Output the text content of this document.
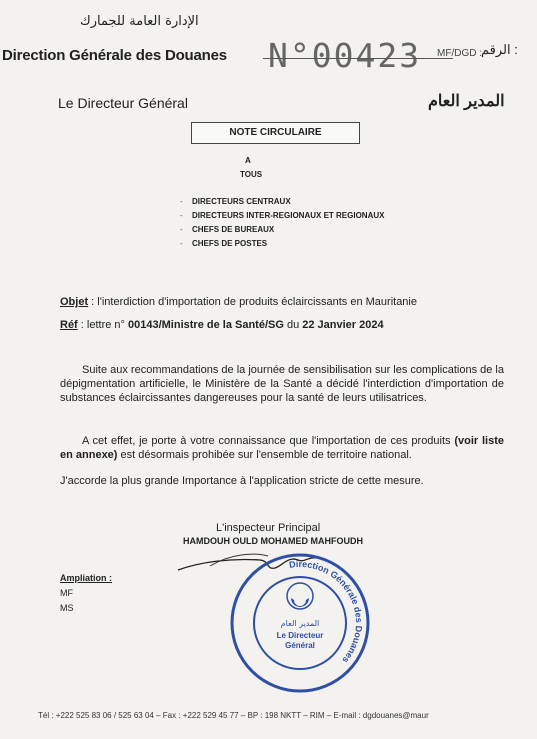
الإدارة العامة للجمارك
Direction Générale des Douanes N°00423 MF/DGD : الرقم :
Le Directeur Général	المدير العام
NOTE CIRCULAIRE
A
TOUS
- DIRECTEURS CENTRAUX
- DIRECTEURS INTER-REGIONAUX ET REGIONAUX
- CHEFS DE BUREAUX
- CHEFS DE POSTES
Objet : l'interdiction d'importation de produits éclaircissants en Mauritanie
Réf : lettre n° 00143/Ministre de la Santé/SG du 22 Janvier 2024
Suite aux recommandations de la journée de sensibilisation sur les complications de la dépigmentation artificielle, le Ministère de la Santé a décidé l'interdiction d'importation de substances éclaircissantes dangereuses pour la santé de leurs utilisatrices.
A cet effet, je porte à votre connaissance que l'importation de ces produits (voir liste en annexe) est désormais prohibée sur l'ensemble de territoire national.
J'accorde la plus grande Importance à l'application stricte de cette mesure.
L'inspecteur Principal
HAMDOUH OULD MOHAMED MAHFOUDH
Ampliation :
MF
MS
Direction Générale des Douanes
المدير العام
Le Directeur
Général
Tél : +222 525 83 06 / 525 63 04 – Fax : +222 529 45 77 – BP : 198 NKTT – RIM – E-mail : dgdouanes@maur
